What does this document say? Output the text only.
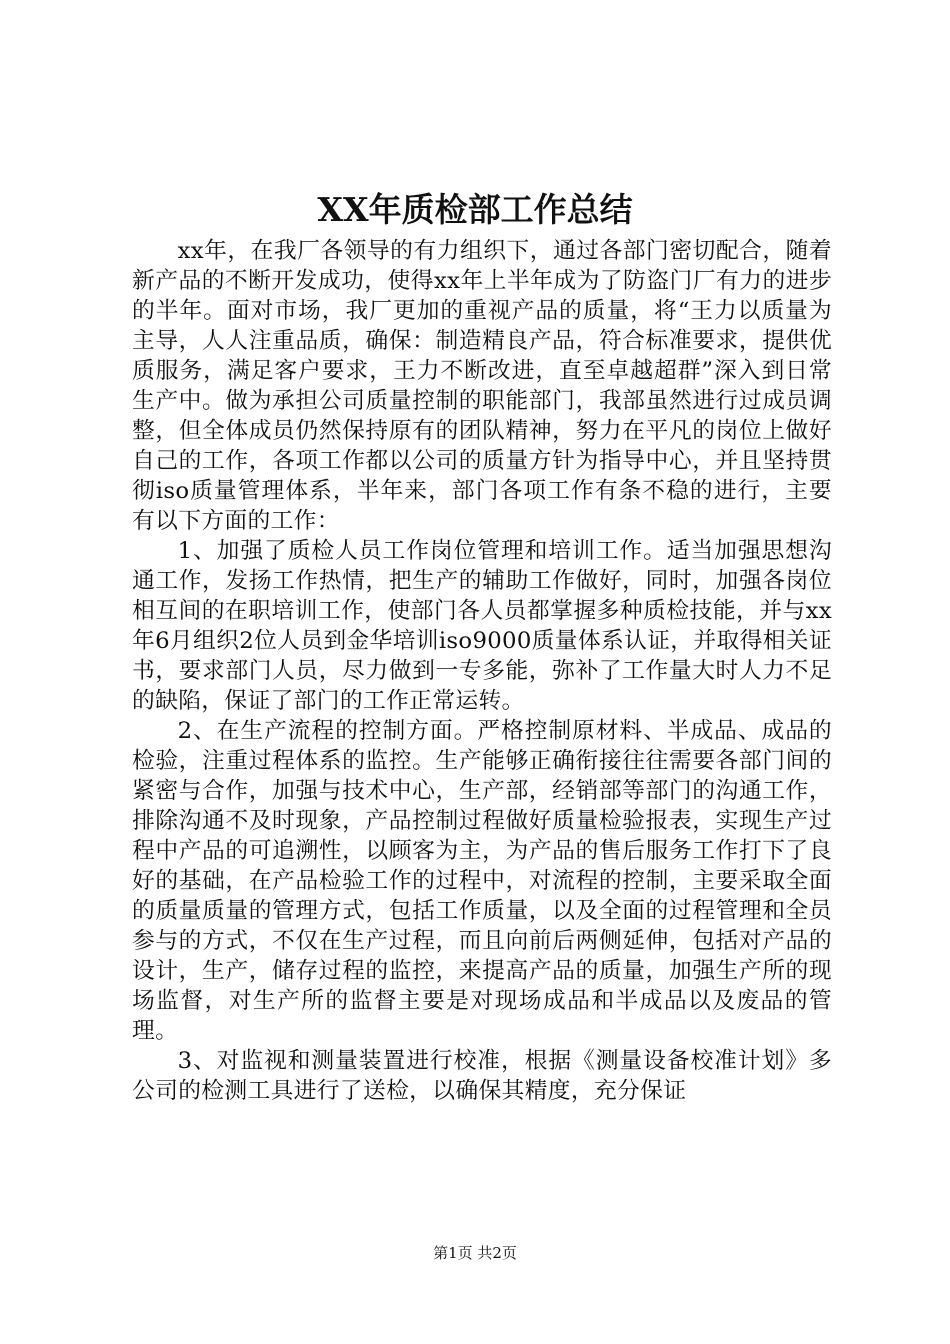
XX年质检部工作总结

xx年，在我厂各领导的有力组织下，通过各部门密切配合，随着新产品的不断开发成功，使得xx年上半年成为了防盗门厂有力的进步的半年。面对市场，我厂更加的重视产品的质量，将“王力以质量为主导，人人注重品质，确保：制造精良产品，符合标准要求，提供优质服务，满足客户要求，王力不断改进，直至卓越超群”深入到日常生产中。做为承担公司质量控制的职能部门，我部虽然进行过成员调整，但全体成员仍然保持原有的团队精神，努力在平凡的岗位上做好自己的工作，各项工作都以公司的质量方针为指导中心，并且坚持贯彻iso质量管理体系，半年来，部门各项工作有条不稳的进行，主要有以下方面的工作：

1、加强了质检人员工作岗位管理和培训工作。适当加强思想沟通工作，发扬工作热情，把生产的辅助工作做好，同时，加强各岗位相互间的在职培训工作，使部门各人员都掌握多种质检技能，并与xx年6月组织2位人员到金华培训iso9000质量体系认证，并取得相关证书，要求部门人员，尽力做到一专多能，弥补了工作量大时人力不足的缺陷，保证了部门的工作正常运转。

2、在生产流程的控制方面。严格控制原材料、半成品、成品的检验，注重过程体系的监控。生产能够正确衔接往往需要各部门间的紧密与合作，加强与技术中心，生产部，经销部等部门的沟通工作，排除沟通不及时现象，产品控制过程做好质量检验报表，实现生产过程中产品的可追溯性，以顾客为主，为产品的售后服务工作打下了良好的基础，在产品检验工作的过程中，对流程的控制，主要采取全面的质量质量的管理方式，包括工作质量，以及全面的过程管理和全员参与的方式，不仅在生产过程，而且向前后两侧延伸，包括对产品的设计，生产，储存过程的监控，来提高产品的质量，加强生产所的现场监督，对生产所的监督主要是对现场成品和半成品以及废品的管理。

3、对监视和测量装置进行校准，根据《测量设备校准计划》多公司的检测工具进行了送检，以确保其精度，充分保证

第1页 共2页
